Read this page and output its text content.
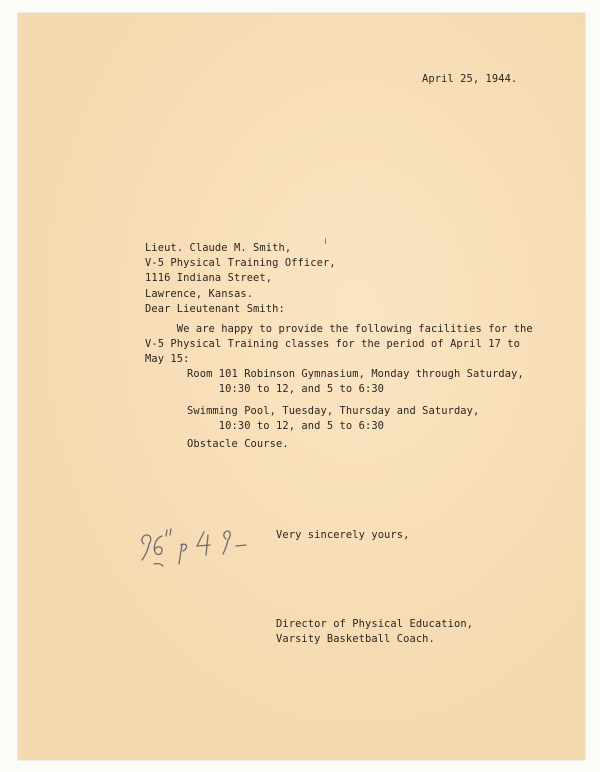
April 25, 1944.
Lieut. Claude M. Smith,
V-5 Physical Training Officer,
1116 Indiana Street,
Lawrence, Kansas.
Dear Lieutenant Smith:
We are happy to provide the following facilities for the
V-5 Physical Training classes for the period of April 17 to
May 15:
Room 101 Robinson Gymnasium, Monday through Saturday,
10:30 to 12, and 5 to 6:30
Swimming Pool, Tuesday, Thursday and Saturday,
10:30 to 12, and 5 to 6:30
Obstacle Course.
Very sincerely yours,
Director of Physical Education,
Varsity Basketball Coach.
